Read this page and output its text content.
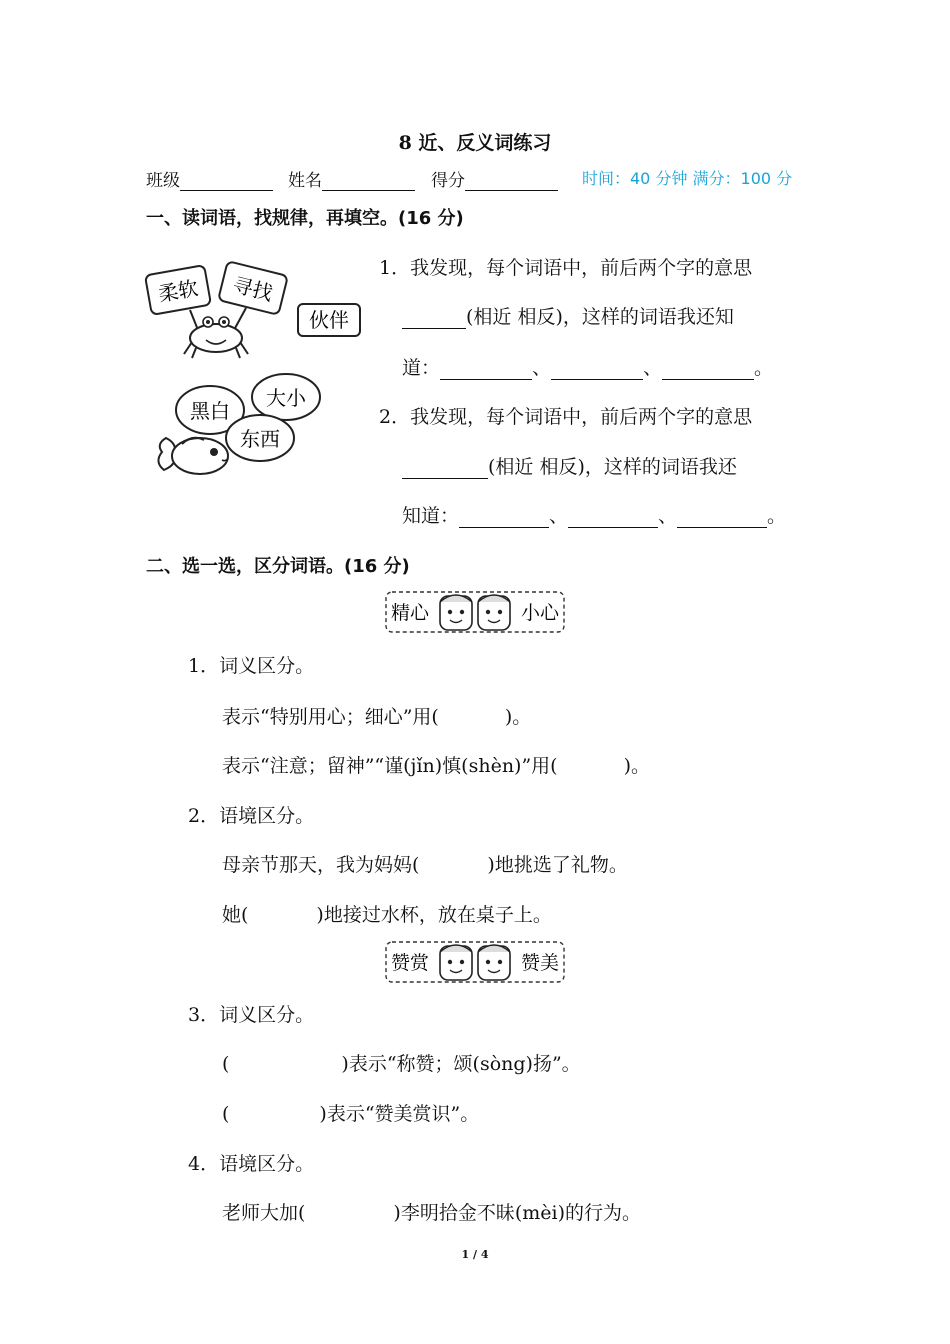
8 近、反义词练习
班级	姓名	得分	时间：40 分钟 满分：100 分
一、读词语，找规律，再填空。(16 分)
柔软 寻找
伙伴
黑白
大小
东西
1．我发现，每个词语中，前后两个字的意思
(相近 相反)，这样的词语我还知
道：	、	、	。
2．我发现，每个词语中，前后两个字的意思
(相近 相反)，这样的词语我还
知道：	、	、	。
二、选一选，区分词语。(16 分)
精心	小心
1．词义区分。
表示“特别用心；细心”用(	)。
表示“注意；留神”“谨(jǐn)慎(shèn)”用(	)。
2．语境区分。
母亲节那天，我为妈妈(	)地挑选了礼物。
她(	)地接过水杯，放在桌子上。
赞赏	赞美
3．词义区分。
(	)表示“称赞；颂(sòng)扬”。
(	)表示“赞美赏识”。
4．语境区分。
老师大加(	)李明拾金不昧(mèi)的行为。
1 / 4
